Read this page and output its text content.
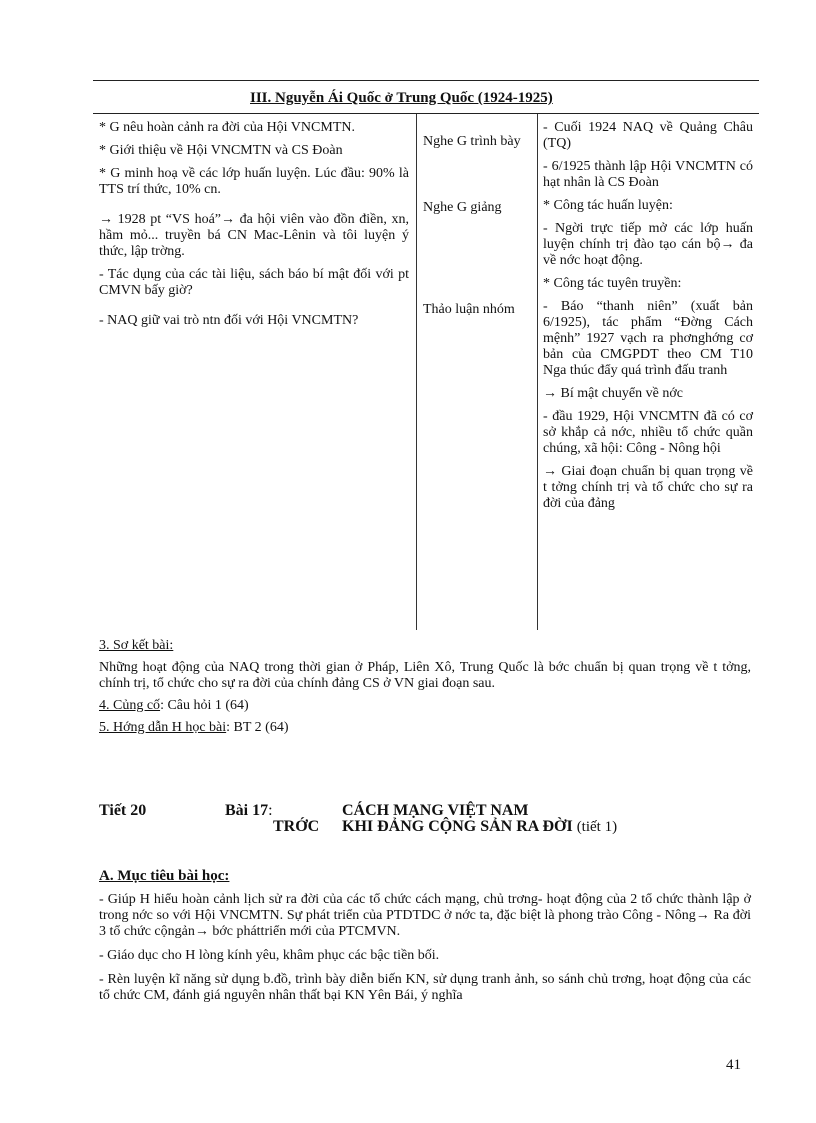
III. Nguyễn Ái Quốc ở Trung Quốc (1924-1925)

* G nêu hoàn cảnh ra đời của Hội VNCMTN.

* Giới thiệu về Hội VNCMTN và CS Đoàn

* G minh hoạ về các lớp huấn luyện. Lúc đầu: 90% là TTS trí thức, 10% cn.

→ 1928 pt “VS hoá”→ đa hội viên vào đồn điền, xn, hầm mỏ... truyền bá CN Mac-Lênin và tôi luyện ý thức, lập trờng.

- Tác dụng của các tài liệu, sách báo bí mật đối với pt CMVN bấy giờ?

- NAQ giữ vai trò ntn đối với Hội VNCMTN?

Nghe G trình bày

Nghe G giảng

Thảo luận nhóm

- Cuối 1924 NAQ về Quảng Châu (TQ)

- 6/1925 thành lập Hội VNCMTN có hạt nhân là CS Đoàn

* Công tác huấn luyện:

- Ngời trực tiếp mở các lớp huấn luyện chính trị đào tạo cán bộ→ đa về nớc hoạt động.

* Công tác tuyên truyền:

- Báo “thanh niên” (xuất bản 6/1925), tác phẩm “Đờng Cách mệnh” 1927 vạch ra phơnghớng cơ bản của CMGPDT theo CM T10 Nga thúc đẩy quá trình đấu tranh

→ Bí mật chuyển về nớc

- đầu 1929, Hội VNCMTN đã có cơ sở khắp cả nớc, nhiều tổ chức quần chúng, xã hội: Công - Nông hội

→ Giai đoạn chuẩn bị quan trọng về t tởng chính trị và tổ chức cho sự ra đời của đảng

3. Sơ kết bài:

Những hoạt động của NAQ trong thời gian ở Pháp, Liên Xô, Trung Quốc là bớc chuẩn bị quan trọng về t tởng, chính trị, tổ chức cho sự ra đời của chính đảng CS ở VN giai đoạn sau.

4. Củng cố: Câu hỏi 1 (64)

5. Hớng dẫn H học bài: BT 2 (64)

Tiết 20	Bài 17:	CÁCH MẠNG VIỆT NAM
TRỚC KHI ĐẢNG CỘNG SẢN RA ĐỜI (tiết 1)

A. Mục tiêu bài học:

- Giúp H hiểu hoàn cảnh lịch sử ra đời của các tổ chức cách mạng, chủ trơng- hoạt động của 2 tổ chức thành lập ở trong nớc so với Hội VNCMTN. Sự phát triển của PTDTDC ở nớc ta, đặc biệt là phong trào Công - Nông→ Ra đời 3 tổ chức cộngản→ bớc pháttriển mới của PTCMVN.

- Giáo dục cho H lòng kính yêu, khâm phục các bậc tiền bối.

- Rèn luyện kĩ năng sử dụng b.đồ, trình bày diễn biến KN, sử dụng tranh ảnh, so sánh chủ trơng, hoạt động của các tổ chức CM, đánh giá nguyên nhân thất bại KN Yên Bái, ý nghĩa

41
